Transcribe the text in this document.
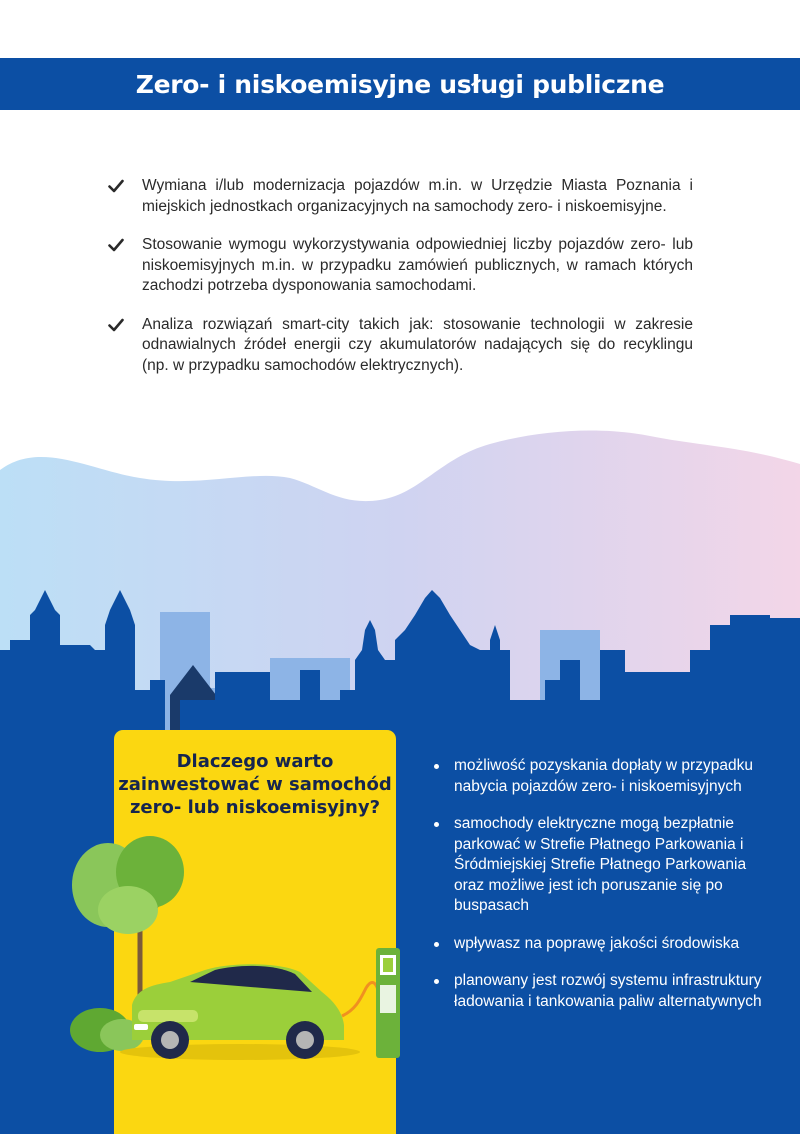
Zero- i niskoemisyjne usługi publiczne
Wymiana i/lub modernizacja pojazdów m.in. w Urzędzie Miasta Poznania i miejskich jednostkach organizacyjnych na samochody zero- i niskoemisyjne.
Stosowanie wymogu wykorzystywania odpowiedniej liczby pojazdów zero- lub niskoemisyjnych m.in. w przypadku zamówień publicznych, w ramach których zachodzi potrzeba dysponowania samochodami.
Analiza rozwiązań smart-city takich jak: stosowanie technologii w zakresie odnawialnych źródeł energii czy akumulatorów nadających się do recyklingu (np. w przypadku samochodów elektrycznych).

Dlaczego warto zainwestować w samochód zero- lub niskoemisyjny?

możliwość pozyskania dopłaty w przypadku nabycia pojazdów zero- i niskoemisyjnych
samochody elektryczne mogą bezpłatnie parkować w Strefie Płatnego Parkowania i Śródmiejskiej Strefie Płatnego Parkowania oraz możliwe jest ich poruszanie się po buspasach
wpływasz na poprawę jakości środowiska
planowany jest rozwój systemu infrastruktury ładowania i tankowania paliw alternatywnych
